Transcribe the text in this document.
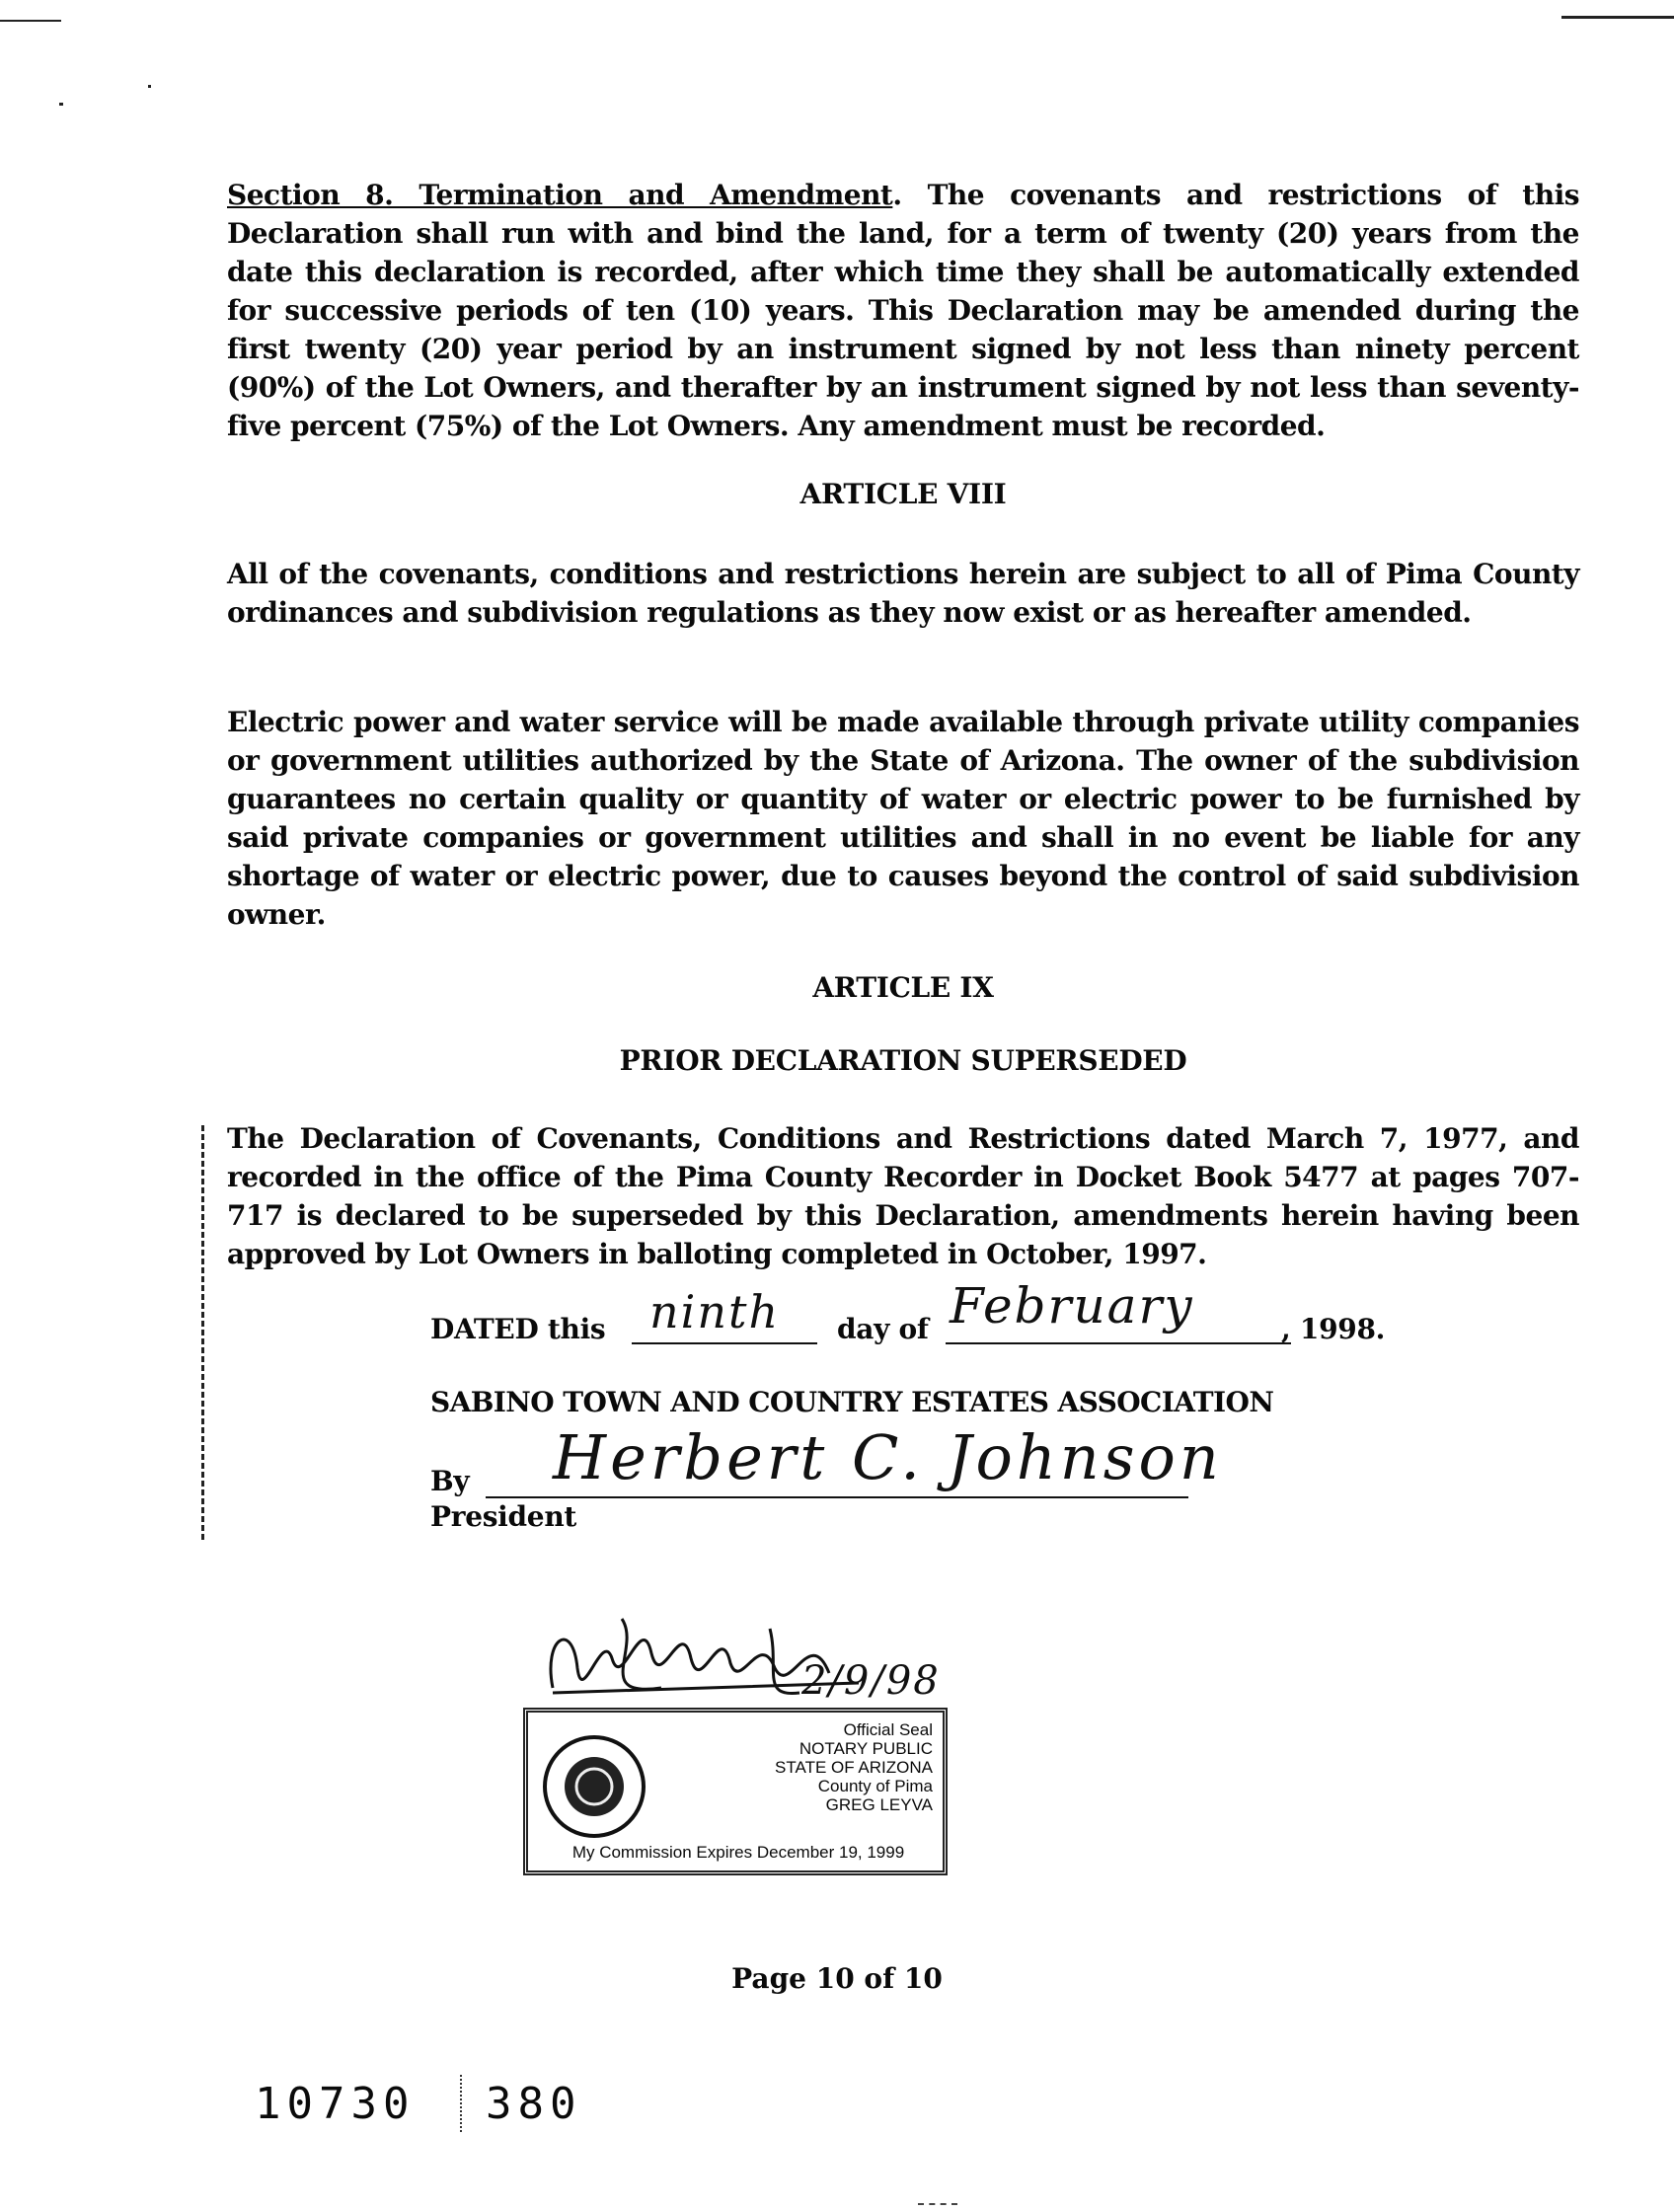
Section 8. Termination and Amendment. The covenants and restrictions of this Declaration shall run with and bind the land, for a term of twenty (20) years from the date this declaration is recorded, after which time they shall be automatically extended for successive periods of ten (10) years. This Declaration may be amended during the first twenty (20) year period by an instrument signed by not less than ninety percent (90%) of the Lot Owners, and therafter by an instrument signed by not less than seventy-five percent (75%) of the Lot Owners. Any amendment must be recorded.

ARTICLE VIII

All of the covenants, conditions and restrictions herein are subject to all of Pima County ordinances and subdivision regulations as they now exist or as hereafter amended.

Electric power and water service will be made available through private utility companies or government utilities authorized by the State of Arizona. The owner of the subdivision guarantees no certain quality or quantity of water or electric power to be furnished by said private companies or government utilities and shall in no event be liable for any shortage of water or electric power, due to causes beyond the control of said subdivision owner.

ARTICLE IX
PRIOR DECLARATION SUPERSEDED

The Declaration of Covenants, Conditions and Restrictions dated March 7, 1977, and recorded in the office of the Pima County Recorder in Docket Book 5477 at pages 707-717 is declared to be superseded by this Declaration, amendments herein having been approved by Lot Owners in balloting completed in October, 1997.

DATED this ninth day of February	, 1998.
SABINO TOWN AND COUNTRY ESTATES ASSOCIATION
By Herbert C. Johnson
President
2/9/98
Official Seal
NOTARY PUBLIC
STATE OF ARIZONA
County of Pima
GREG LEYVA
My Commission Expires December 19, 1999
Page 10 of 10
10730 380
